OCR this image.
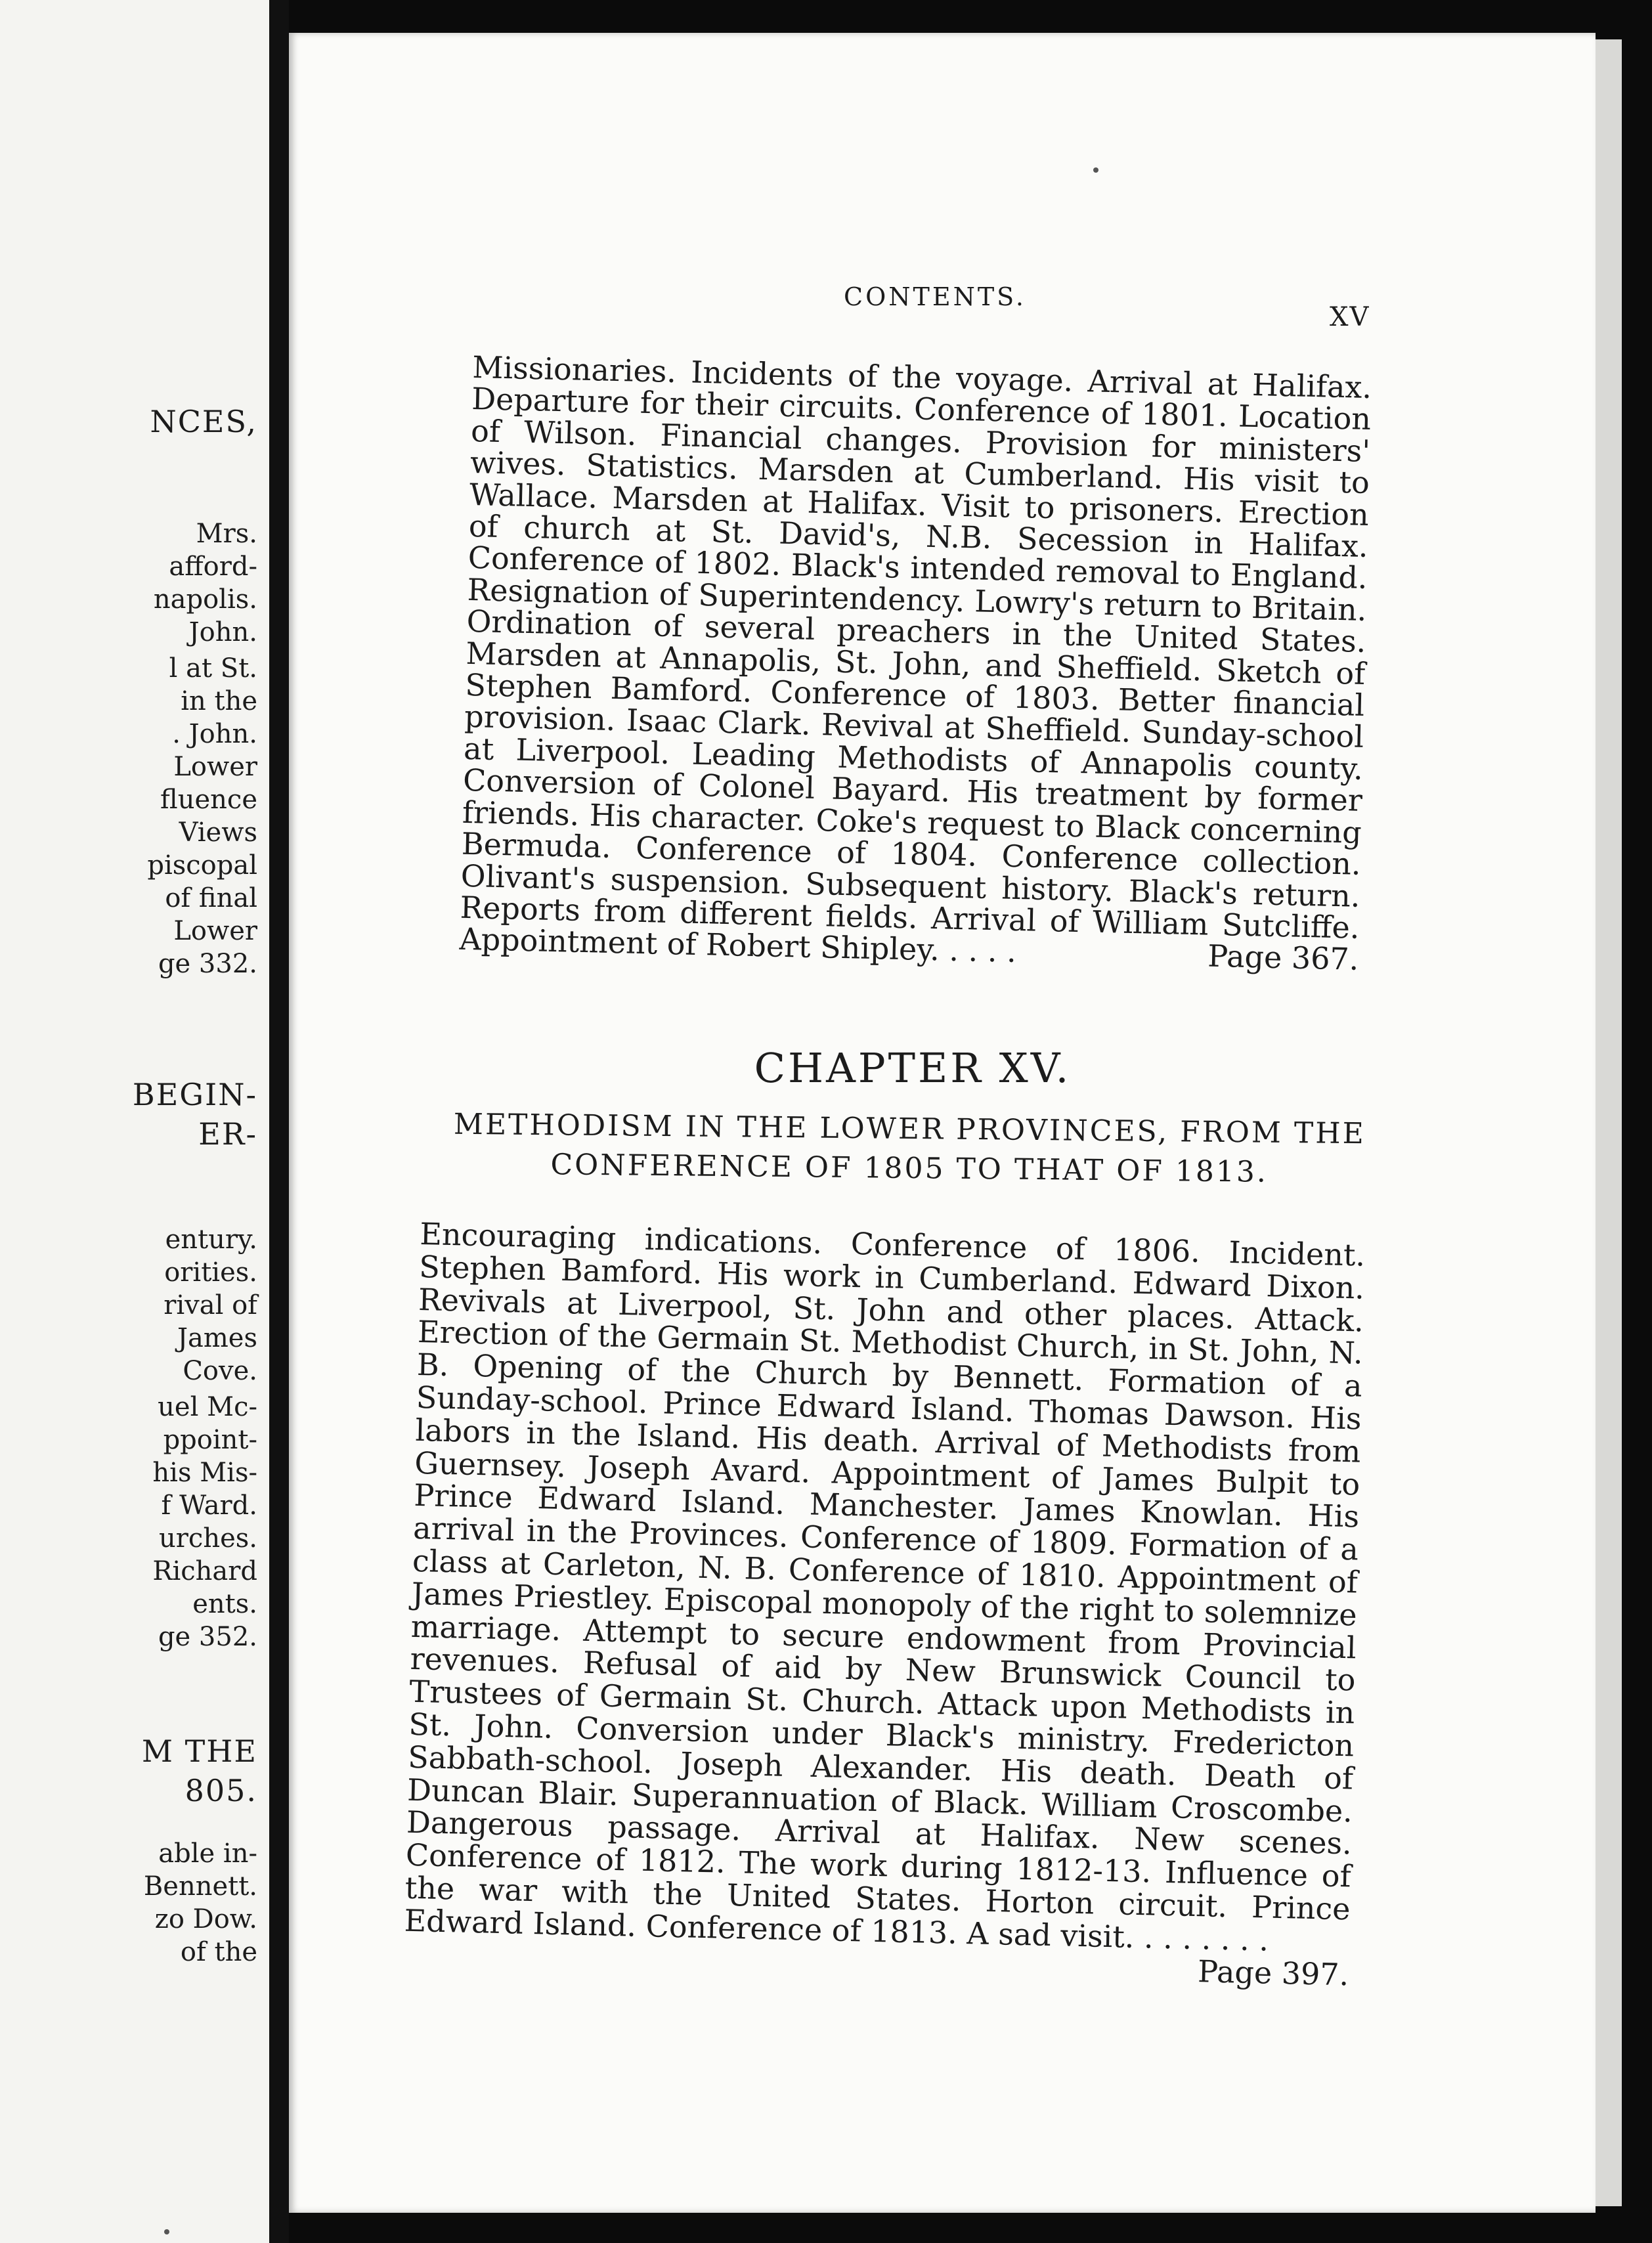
NCES,
Mrs.
afford-
napolis.
John.
l at St.
in the
. John.
Lower
fluence
Views
piscopal
of final
Lower
ge 332.
BEGIN-
ER-
entury.
orities.
rival of
James
Cove.
uel Mc-
ppoint-
his Mis-
f Ward.
urches.
Richard
ents.
ge 352.
M THE
805.
able in-
Bennett.
zo Dow.
of the
CONTENTS.
XV
Missionaries. Incidents of the voyage. Arrival at Halifax. Departure for their circuits. Conference of 1801. Location of Wilson. Financial changes. Provision for ministers' wives. Statistics. Marsden at Cumberland. His visit to Wallace. Marsden at Halifax. Visit to prisoners. Erection of church at St. David's, N.B. Secession in Halifax. Conference of 1802. Black's intended removal to England. Resignation of Superintendency. Lowry's return to Britain. Ordination of several preachers in the United States. Marsden at Annapolis, St. John, and Sheffield. Sketch of Stephen Bamford. Conference of 1803. Better financial provision. Isaac Clark. Revival at Sheffield. Sunday-school at Liverpool. Leading Methodists of Annapolis county. Conversion of Colonel Bayard. His treatment by former friends. His character. Coke's request to Black concerning Bermuda. Conference of 1804. Conference collection. Olivant's suspension. Subsequent history. Black's return. Reports from different fields. Arrival of William Sutcliffe. Appointment of Robert Shipley. . . . .	Page 367.
CHAPTER XV.
METHODISM IN THE LOWER PROVINCES, FROM THE
CONFERENCE OF 1805 TO THAT OF 1813.
Encouraging indications. Conference of 1806. Incident. Stephen Bamford. His work in Cumberland. Edward Dixon. Revivals at Liverpool, St. John and other places. Attack. Erection of the Germain St. Methodist Church, in St. John, N. B. Opening of the Church by Bennett. Formation of a Sunday-school. Prince Edward Island. Thomas Dawson. His labors in the Island. His death. Arrival of Methodists from Guernsey. Joseph Avard. Appointment of James Bulpit to Prince Edward Island. Manchester. James Knowlan. His arrival in the Provinces. Conference of 1809. Formation of a class at Carleton, N. B. Conference of 1810. Appointment of James Priestley. Episcopal monopoly of the right to solemnize marriage. Attempt to secure endowment from Provincial revenues. Refusal of aid by New Brunswick Council to Trustees of Germain St. Church. Attack upon Methodists in St. John. Conversion under Black's ministry. Fredericton Sabbath-school. Joseph Alexander. His death. Death of Duncan Blair. Superannuation of Black. William Croscombe. Dangerous passage. Arrival at Halifax. New scenes. Conference of 1812. The work during 1812-13. Influence of the war with the United States. Horton circuit. Prince Edward Island. Conference of 1813. A sad visit. . . . . . . .
Page 397.
